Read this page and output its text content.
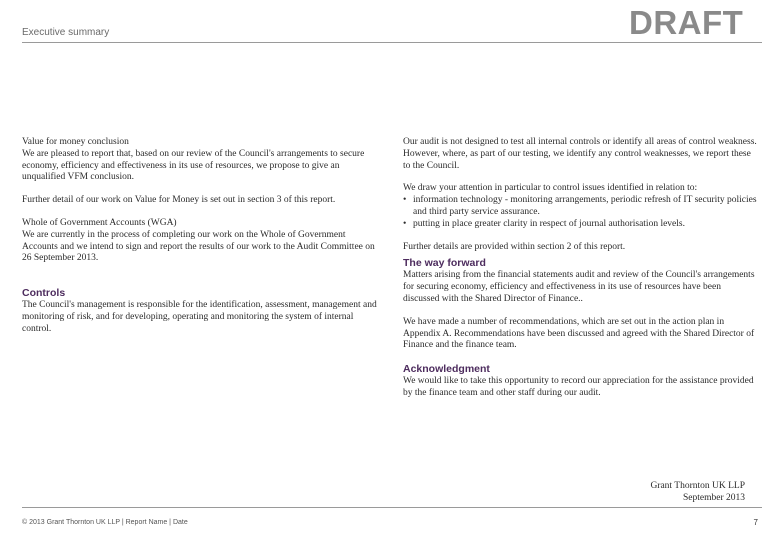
Executive summary	DRAFT

Value for money conclusion

We are pleased to report that, based on our review of the Council's arrangements to secure economy, efficiency and effectiveness in its use of resources, we propose to give an unqualified VFM conclusion.

Further detail of our work on Value for Money is set out in section 3 of this report.

Whole of Government Accounts (WGA)

We are currently in the process of completing our work on the Whole of Government Accounts and we intend to sign and report the results of our work to the Audit Committee on 26 September 2013.

Controls

The Council's management is responsible for the identification, assessment, management and monitoring of risk, and for developing, operating and monitoring the system of internal control.

Our audit is not designed to test all internal controls or identify all areas of control weakness. However, where, as part of our testing, we identify any control weaknesses, we report these to the Council.

We draw your attention in particular to control issues identified in relation to:

• information technology - monitoring arrangements, periodic refresh of IT security policies and third party service assurance.
• putting in place greater clarity in respect of journal authorisation levels.

Further details are provided within section 2 of this report.

The way forward

Matters arising from the financial statements audit and review of the Council's arrangements for securing economy, efficiency and effectiveness in its use of resources have been discussed with the Shared Director of Finance..

We have made a number of recommendations, which are set out in the action plan in Appendix A. Recommendations have been discussed and agreed with the Shared Director of Finance and the finance team.

Acknowledgment

We would like to take this opportunity to record our appreciation for the assistance provided by the finance team and other staff during our audit.

Grant Thornton UK LLP
September 2013
© 2013 Grant Thornton UK LLP | Report Name | Date	7
